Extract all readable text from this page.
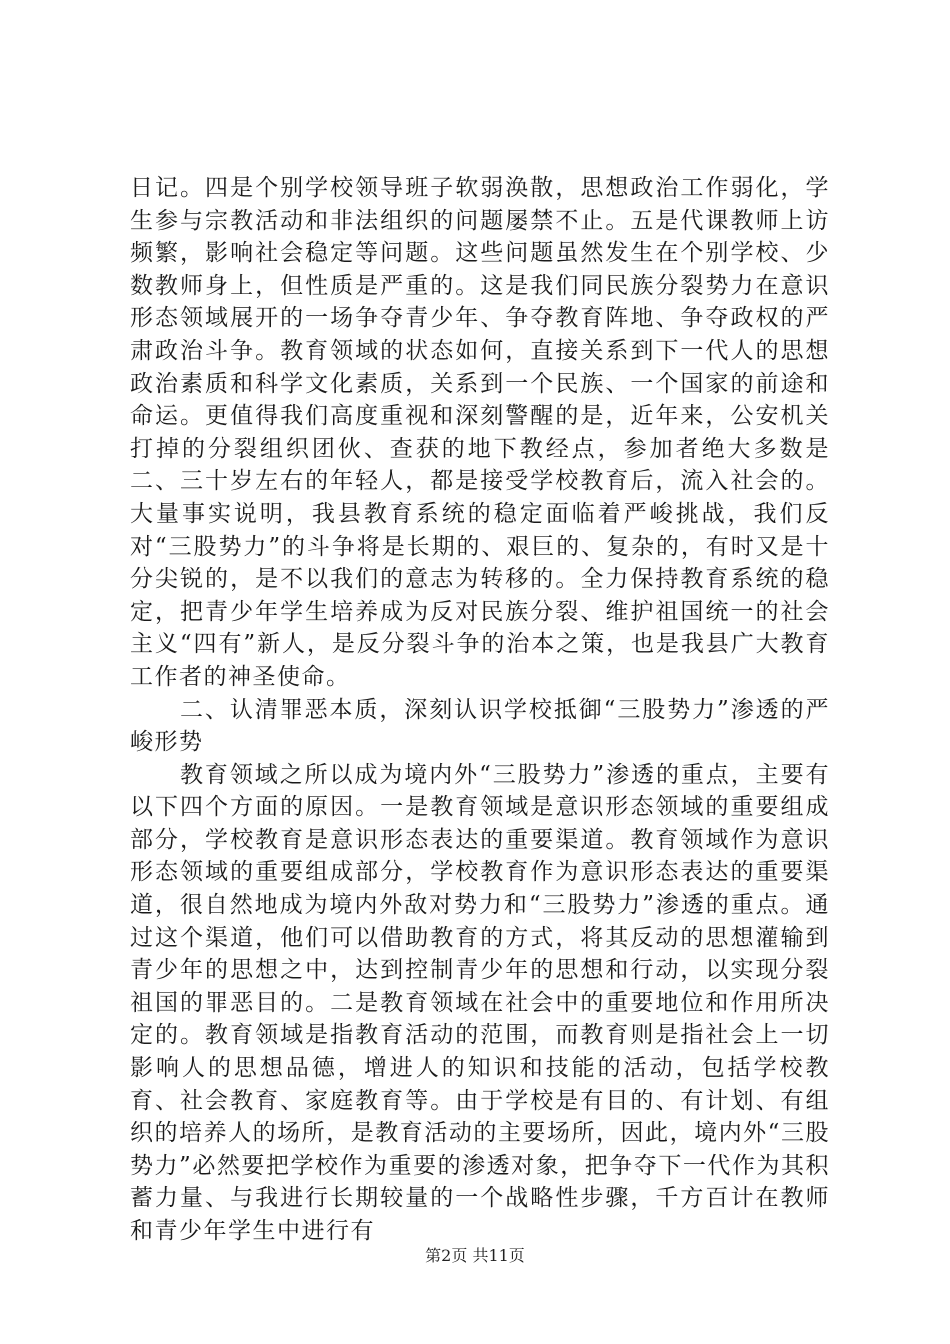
日记。四是个别学校领导班子软弱涣散，思想政治工作弱化，学生参与宗教活动和非法组织的问题屡禁不止。五是代课教师上访频繁，影响社会稳定等问题。这些问题虽然发生在个别学校、少数教师身上，但性质是严重的。这是我们同民族分裂势力在意识形态领域展开的一场争夺青少年、争夺教育阵地、争夺政权的严肃政治斗争。教育领域的状态如何，直接关系到下一代人的思想政治素质和科学文化素质，关系到一个民族、一个国家的前途和命运。更值得我们高度重视和深刻警醒的是，近年来，公安机关打掉的分裂组织团伙、查获的地下教经点，参加者绝大多数是二、三十岁左右的年轻人，都是接受学校教育后，流入社会的。大量事实说明，我县教育系统的稳定面临着严峻挑战，我们反对“三股势力”的斗争将是长期的、艰巨的、复杂的，有时又是十分尖锐的，是不以我们的意志为转移的。全力保持教育系统的稳定，把青少年学生培养成为反对民族分裂、维护祖国统一的社会主义“四有”新人，是反分裂斗争的治本之策，也是我县广大教育工作者的神圣使命。

二、认清罪恶本质，深刻认识学校抵御“三股势力”渗透的严峻形势

教育领域之所以成为境内外“三股势力”渗透的重点，主要有以下四个方面的原因。一是教育领域是意识形态领域的重要组成部分，学校教育是意识形态表达的重要渠道。教育领域作为意识形态领域的重要组成部分，学校教育作为意识形态表达的重要渠道，很自然地成为境内外敌对势力和“三股势力”渗透的重点。通过这个渠道，他们可以借助教育的方式，将其反动的思想灌输到青少年的思想之中，达到控制青少年的思想和行动，以实现分裂祖国的罪恶目的。二是教育领域在社会中的重要地位和作用所决定的。教育领域是指教育活动的范围，而教育则是指社会上一切影响人的思想品德，增进人的知识和技能的活动，包括学校教育、社会教育、家庭教育等。由于学校是有目的、有计划、有组织的培养人的场所，是教育活动的主要场所，因此，境内外“三股势力”必然要把学校作为重要的渗透对象，把争夺下一代作为其积蓄力量、与我进行长期较量的一个战略性步骤，千方百计在教师和青少年学生中进行有

第2页 共11页
